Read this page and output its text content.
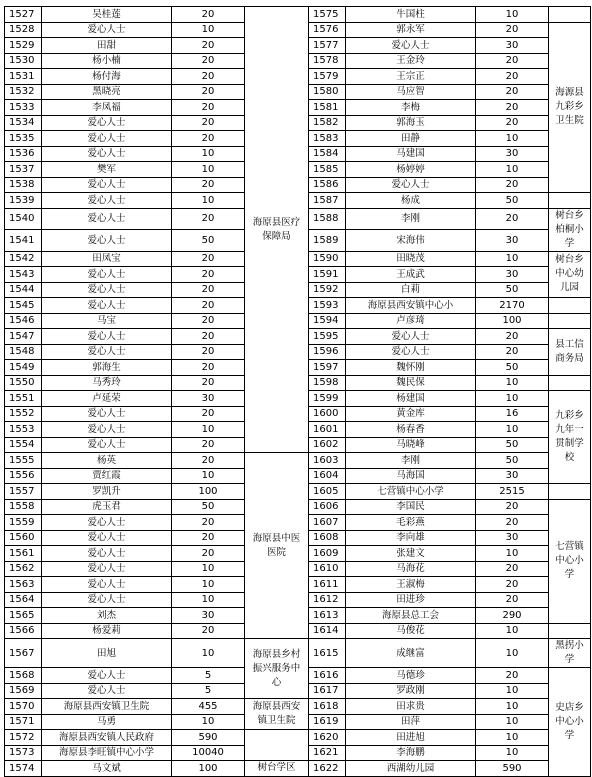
1527	吴桂莲	20	海原县医疗保障局	1575	牛国柱	10	
1528	爱心人士	10		1576	郭永军	20	海源县九彩乡卫生院
1529	田甜	20		1577	爱心人士	30	
1530	杨小楠	20		1578	王金玲	20	
1531	杨付海	20		1579	王宗正	20	
1532	黑晓亮	20		1580	马应智	20	
1533	李凤福	20		1581	李梅	20	
1534	爱心人士	20		1582	郭海玉	20	
1535	爱心人士	20		1583	田静	10	
1536	爱心人士	10		1584	马建国	30	
1537	樊军	10		1585	杨婷婷	10	
1538	爱心人士	20		1586	爱心人士	20	
1539	爱心人士	10		1587	杨成	50	
1540	爱心人士	20		1588	李刚	20	树台乡柏桐小学
1541	爱心人士	50		1589	宋海伟	30	
1542	田凤宝	20		1590	田晓茂	10	树台乡中心幼儿园
1543	爱心人士	20		1591	王成武	30	
1544	爱心人士	20		1592	白莉	50	
1545	爱心人士	20		1593	海原县西安镇中心小	2170	
1546	马宝	20		1594	卢彦琦	100	
1547	爱心人士	20		1595	爱心人士	20	县工信商务局
1548	爱心人士	20		1596	爱心人士	20	
1549	郭海生	20		1597	魏怀刚	50	
1550	马秀玲	20		1598	魏民保	10	
1551	卢延荣	30		1599	杨建国	10	九彩乡九年一贯制学校
1552	爱心人士	20		1600	黄金库	16	
1553	爱心人士	10		1601	杨春香	10	
1554	爱心人士	20		1602	马晓峰	50	
1555	杨英	20	海原县中医医院	1603	李刚	50	
1556	贾红霞	10		1604	马海国	30	
1557	罗凯升	100		1605	七营镇中心小学	2515	
1558	虎玉君	50		1606	李国民	20	七营镇中心小学
1559	爱心人士	20		1607	毛彩燕	20	
1560	爱心人士	20		1608	李向雄	30	
1561	爱心人士	20		1609	张建文	10	
1562	爱心人士	10		1610	马海花	20	
1563	爱心人士	10		1611	王淑梅	20	
1564	爱心人士	10		1612	田进珍	20	
1565	刘杰	30		1613	海原县总工会	290	
1566	杨爱莉	20		1614	马俊花	10	
1567	田旭	10	海原县乡村振兴服务中心	1615	成继富	10	黑拐小学
1568	爱心人士	5		1616	马德珍	20	史店乡中心小学
1569	爱心人士	5		1617	罗政刚	10	
1570	海原县西安镇卫生院	455	海原县西安镇卫生院	1618	田求贵	10	
1571	马勇	10		1619	田萍	10	
1572	海原县西安镇人民政府	590		1620	田进旭	10	
1573	海原县李旺镇中心小学	10040		1621	李海鹏	10	
1574	马文斌	100	树台学区	1622	西湖幼儿园	590	
